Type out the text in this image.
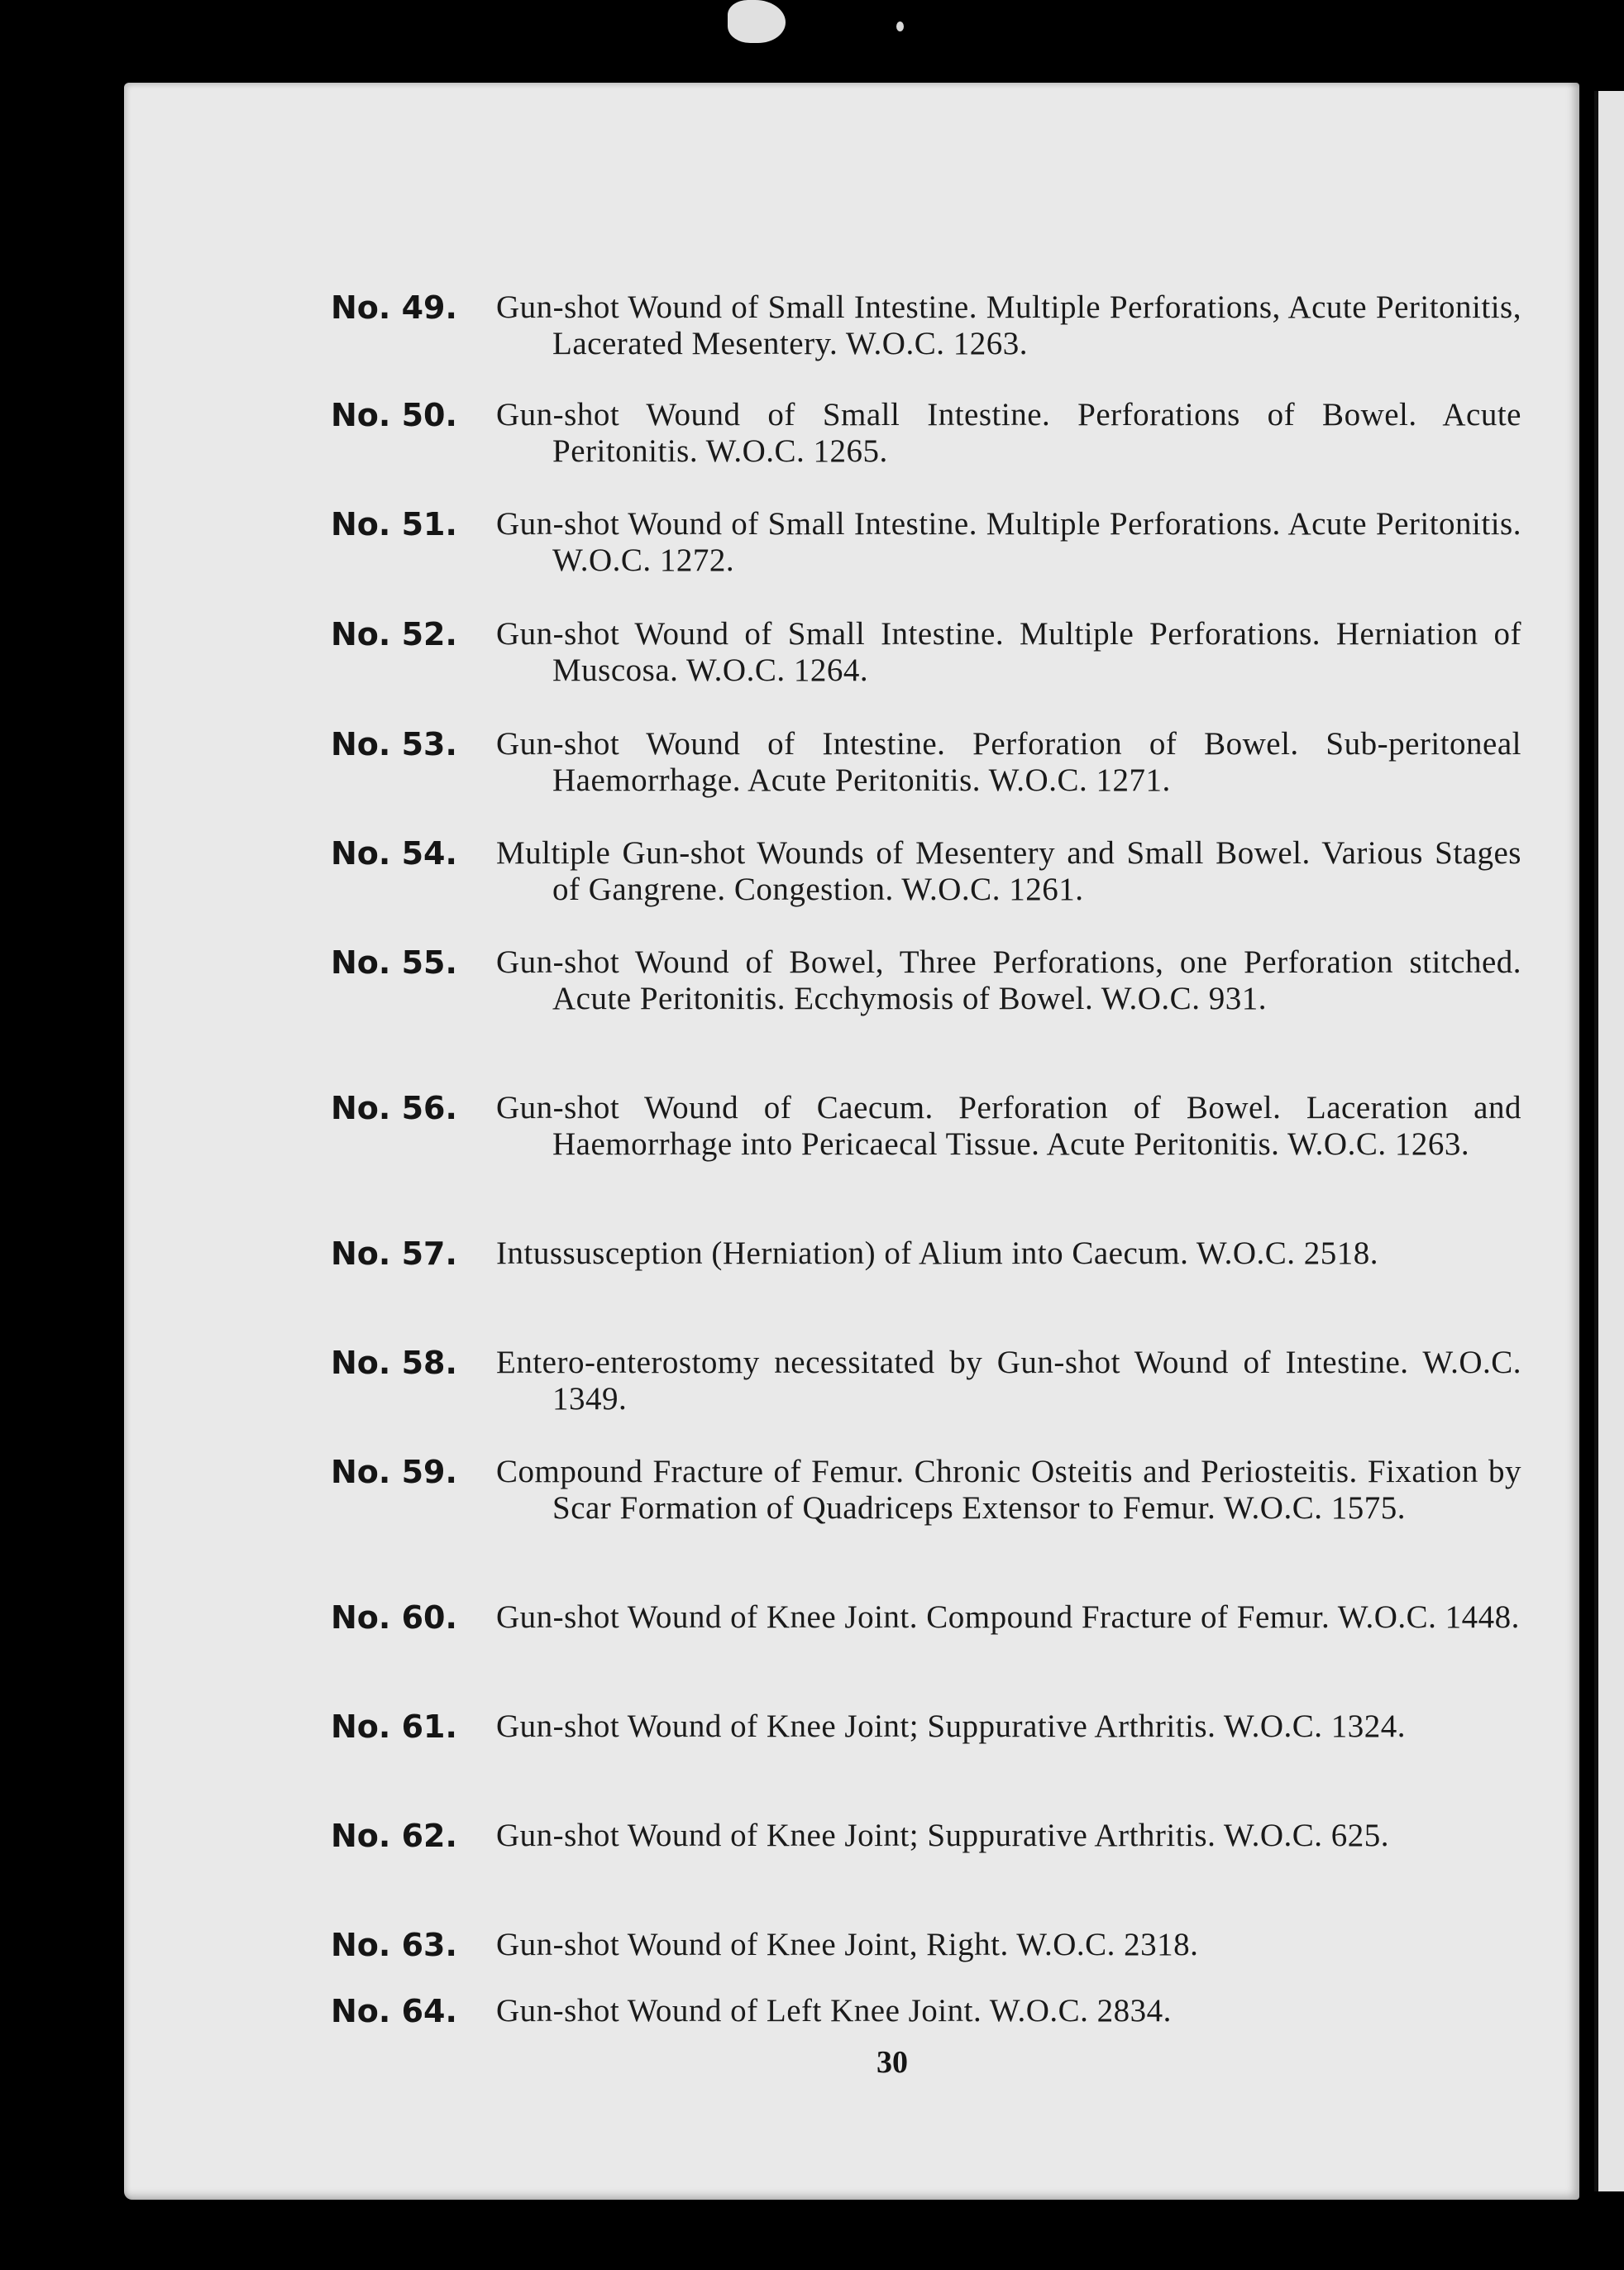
No. 49.	Gun-shot Wound of Small Intestine. Multiple Perforations, Acute Peritonitis, Lacerated Mesentery. W.O.C. 1263.
No. 50.	Gun-shot Wound of Small Intestine. Perforations of Bowel. Acute Peritonitis. W.O.C. 1265.
No. 51.	Gun-shot Wound of Small Intestine. Multiple Perforations. Acute Peritonitis. W.O.C. 1272.
No. 52.	Gun-shot Wound of Small Intestine. Multiple Perforations. Herniation of Muscosa. W.O.C. 1264.
No. 53.	Gun-shot Wound of Intestine. Perforation of Bowel. Sub-peritoneal Haemorrhage. Acute Peritonitis. W.O.C. 1271.
No. 54.	Multiple Gun-shot Wounds of Mesentery and Small Bowel. Various Stages of Gangrene. Congestion. W.O.C. 1261.
No. 55.	Gun-shot Wound of Bowel, Three Perforations, one Perforation stitched. Acute Peritonitis. Ecchymosis of Bowel. W.O.C. 931.
No. 56.	Gun-shot Wound of Caecum. Perforation of Bowel. Laceration and Haemorrhage into Pericaecal Tissue. Acute Peritonitis. W.O.C. 1263.
No. 57.	Intussusception (Herniation) of Alium into Caecum. W.O.C. 2518.
No. 58.	Entero-enterostomy necessitated by Gun-shot Wound of Intestine. W.O.C. 1349.
No. 59.	Compound Fracture of Femur. Chronic Osteitis and Periosteitis. Fixation by Scar Formation of Quadriceps Extensor to Femur. W.O.C. 1575.
No. 60.	Gun-shot Wound of Knee Joint. Compound Fracture of Femur. W.O.C. 1448.
No. 61.	Gun-shot Wound of Knee Joint; Suppurative Arthritis. W.O.C. 1324.
No. 62.	Gun-shot Wound of Knee Joint; Suppurative Arthritis. W.O.C. 625.
No. 63.	Gun-shot Wound of Knee Joint, Right. W.O.C. 2318.
No. 64.	Gun-shot Wound of Left Knee Joint. W.O.C. 2834.
30
